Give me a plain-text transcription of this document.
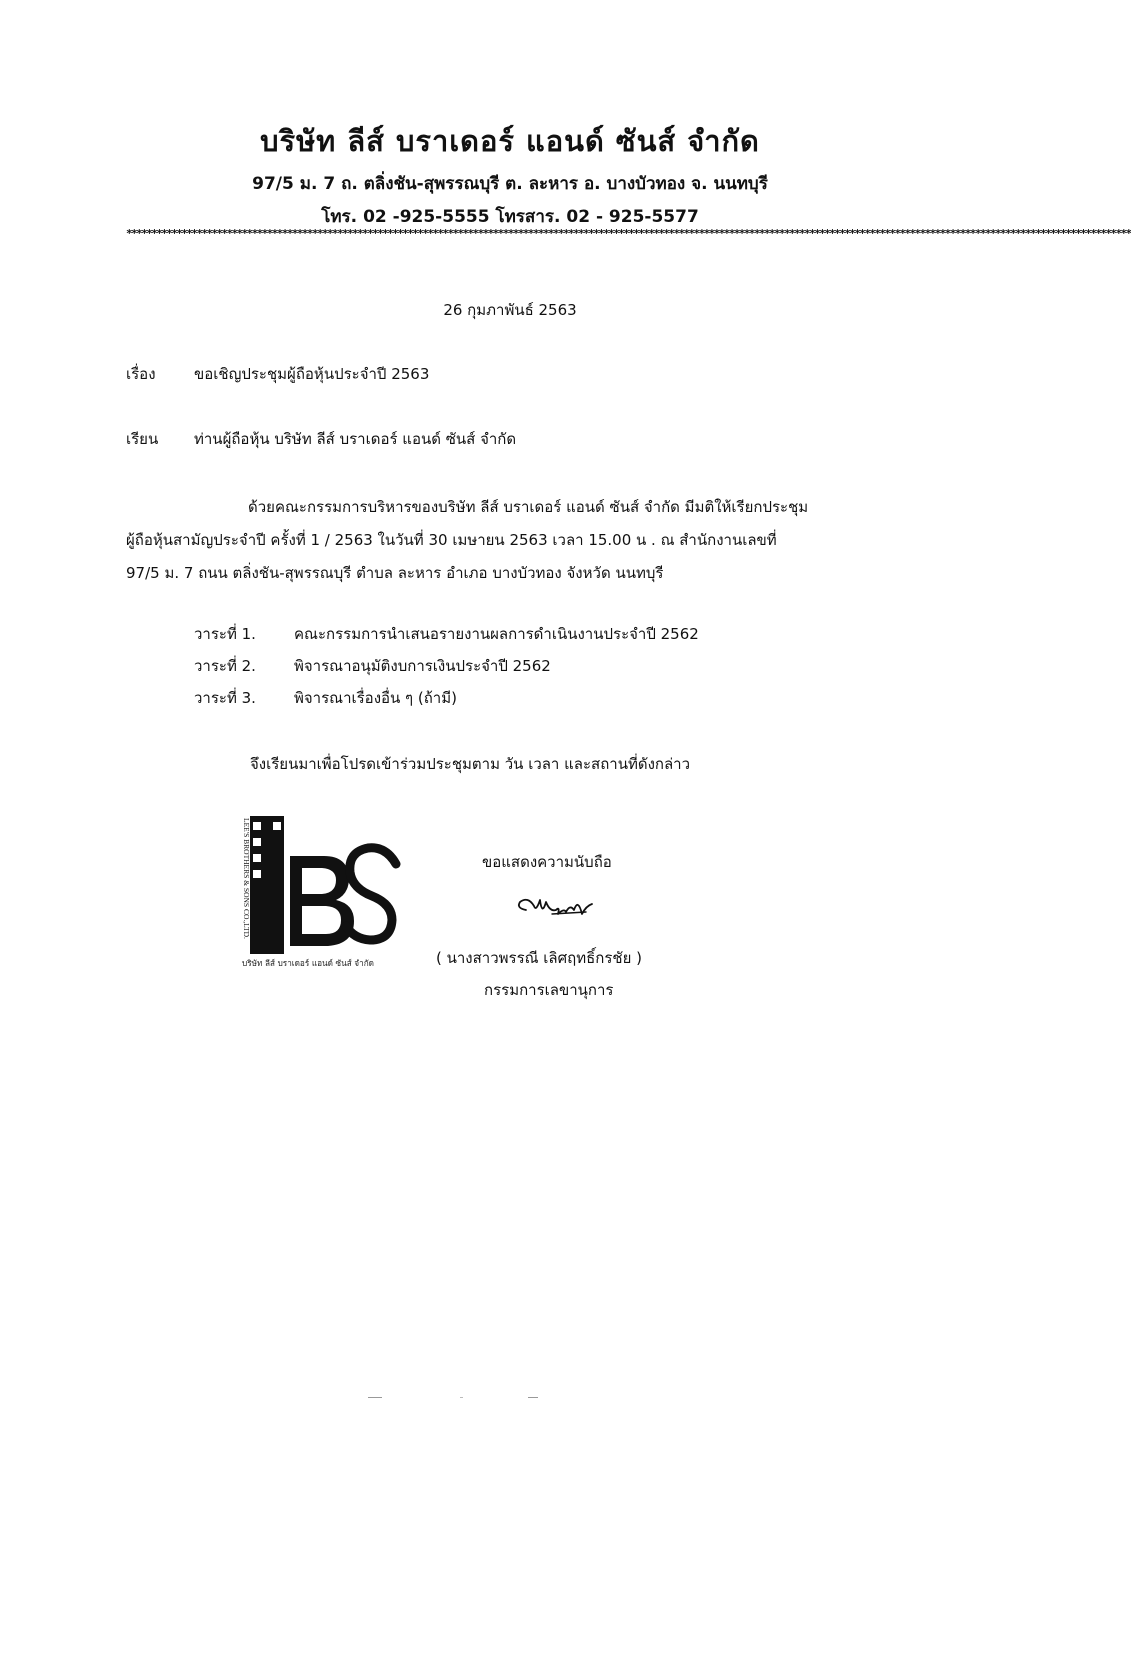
บริษัท ลีส์ บราเดอร์ แอนด์ ซันส์ จำกัด
97/5 ม. 7 ถ. ตลิ่งชัน-สุพรรณบุรี ต. ละหาร อ. บางบัวทอง จ. นนทบุรี
โทร. 02 -925-5555 โทรสาร. 02 - 925-5577
********************************************************************************************************************************************************************************************************
26 กุมภาพันธ์ 2563
เรื่อง	ขอเชิญประชุมผู้ถือหุ้นประจำปี 2563
เรียน ท่านผู้ถือหุ้น บริษัท ลีส์ บราเดอร์ แอนด์ ซันส์ จำกัด
ด้วยคณะกรรมการบริหารของบริษัท ลีส์ บราเดอร์ แอนด์ ซันส์ จำกัด มีมติให้เรียกประชุม
ผู้ถือหุ้นสามัญประจำปี ครั้งที่ 1 / 2563 ในวันที่ 30 เมษายน 2563 เวลา 15.00 น . ณ สำนักงานเลขที่
97/5 ม. 7 ถนน ตลิ่งชัน-สุพรรณบุรี ตำบล ละหาร อำเภอ บางบัวทอง จังหวัด นนทบุรี
วาระที่ 1.	คณะกรรมการนำเสนอรายงานผลการดำเนินงานประจำปี 2562
วาระที่ 2.	พิจารณาอนุมัติงบการเงินประจำปี 2562
วาระที่ 3.	พิจารณาเรื่องอื่น ๆ (ถ้ามี)
จึงเรียนมาเพื่อโปรดเข้าร่วมประชุมตาม วัน เวลา และสถานที่ดังกล่าว
LEE'S BROTHERS & SONS CO.,LTD.
บริษัท ลีส์ บราเดอร์ แอนด์ ซันส์ จำกัด
ขอแสดงความนับถือ
( นางสาวพรรณี เลิศฤทธิ์กรชัย )
กรรมการเลขานุการ
